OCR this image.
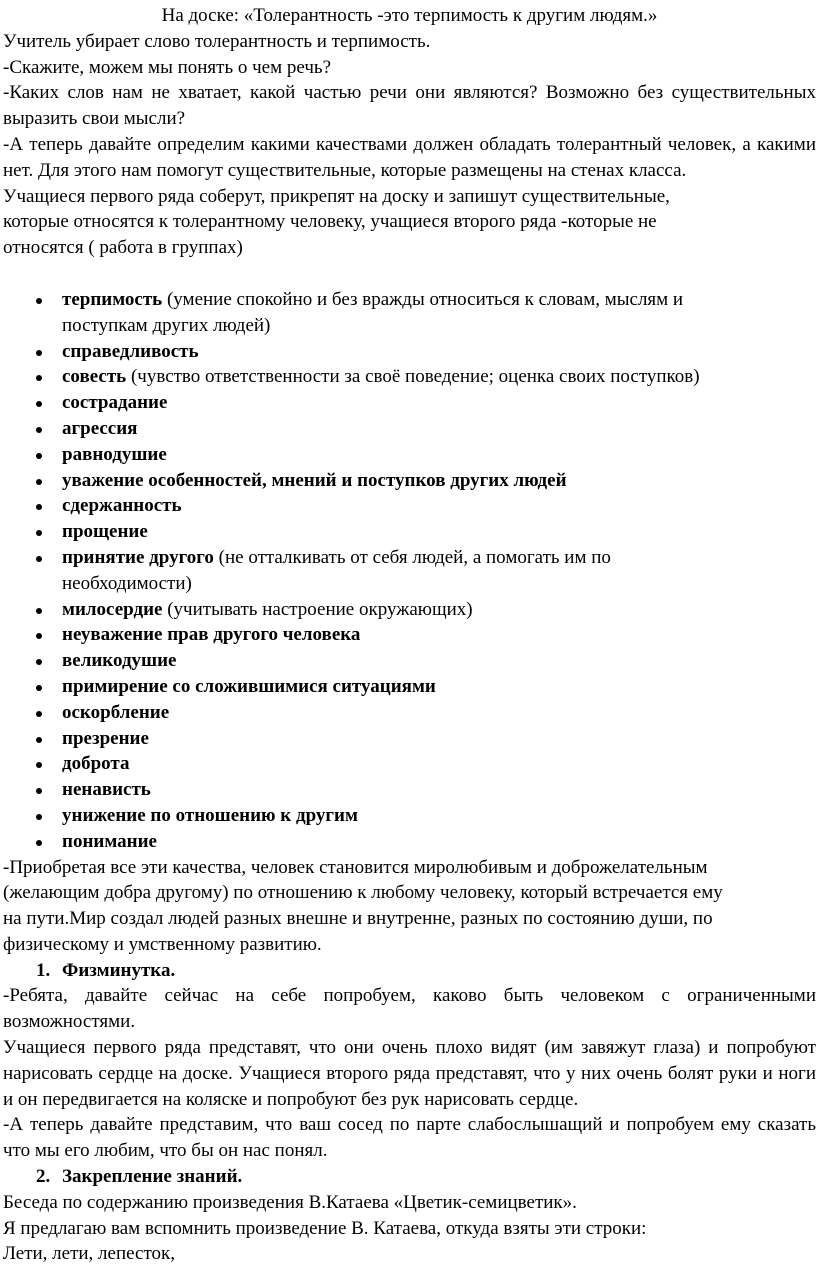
На доске: «Толерантность -это терпимость к другим людям.»

Учитель убирает слово толерантность и терпимость.

-Скажите, можем мы понять о чем речь?

-Каких слов нам не хватает, какой частью речи они являются? Возможно без существительных выразить свои мысли?

-А теперь давайте определим какими качествами должен обладать толерантный человек, а какими нет. Для этого нам помогут существительные, которые размещены на стенах класса.

Учащиеся первого ряда соберут, прикрепят на доску и запишут существительные,

которые относятся к толерантному человеку, учащиеся второго ряда -которые не

относятся ( работа в группах)

терпимость (умение спокойно и без вражды относиться к словам, мыслям и
поступкам других людей)
справедливость
совесть (чувство ответственности за своё поведение; оценка своих поступков)
сострадание
агрессия
равнодушие
уважение особенностей, мнений и поступков других людей
сдержанность
прощение
принятие другого (не отталкивать от себя людей, а помогать им по
необходимости)
милосердие (учитывать настроение окружающих)
неуважение прав другого человека
великодушие
примирение со сложившимися ситуациями
оскорбление
презрение
доброта
ненависть
унижение по отношению к другим
понимание

-Приобретая все эти качества, человек становится миролюбивым и доброжелательным

(желающим добра другому) по отношению к любому человеку, который встречается ему

на пути.Мир создал людей разных внешне и внутренне, разных по состоянию души, по

физическому и умственному развитию.

1. Физминутка.

-Ребята, давайте сейчас на себе попробуем, каково быть человеком с ограниченными возможностями.

Учащиеся первого ряда представят, что они очень плохо видят (им завяжут глаза) и попробуют нарисовать сердце на доске. Учащиеся второго ряда представят, что у них очень болят руки и ноги и он передвигается на коляске и попробуют без рук нарисовать сердце.

-А теперь давайте представим, что ваш сосед по парте слабослышащий и попробуем ему сказать что мы его любим, что бы он нас понял.

2. Закрепление знаний.

Беседа по содержанию произведения В.Катаева «Цветик-семицветик».

Я предлагаю вам вспомнить произведение В. Катаева, откуда взяты эти строки:

Лети, лети, лепесток,
